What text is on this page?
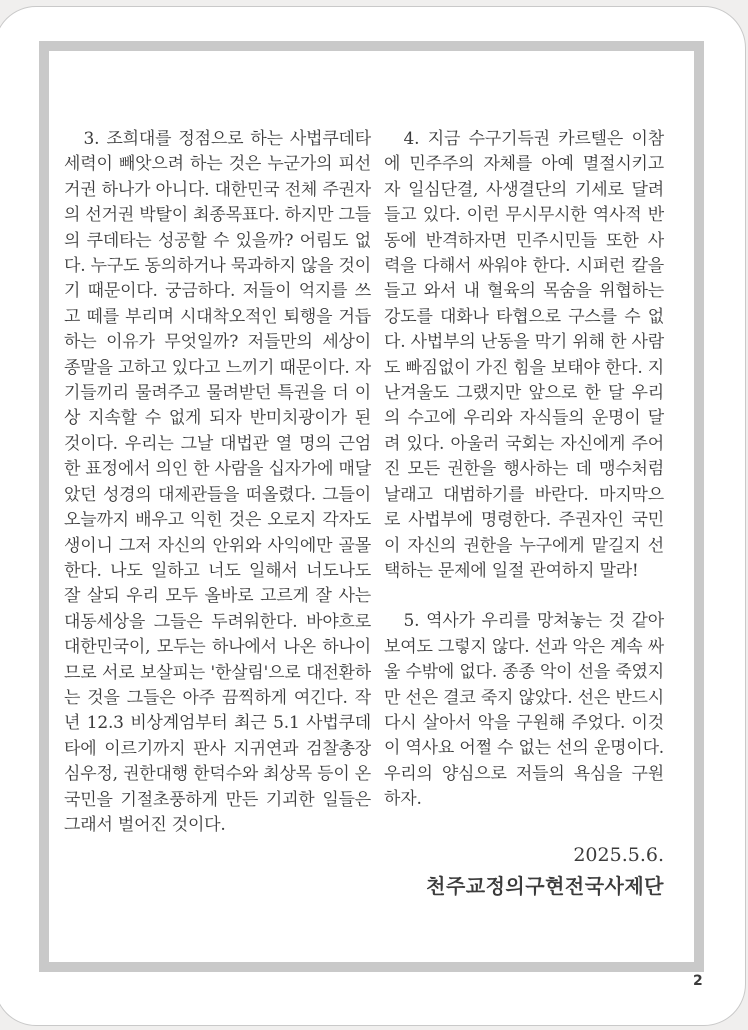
3. 조희대를 정점으로 하는 사법쿠데타 세력이 빼앗으려 하는 것은 누군가의 피선거권 하나가 아니다. 대한민국 전체 주권자의 선거권 박탈이 최종목표다. 하지만 그들의 쿠데타는 성공할 수 있을까? 어림도 없다. 누구도 동의하거나 묵과하지 않을 것이기 때문이다. 궁금하다. 저들이 억지를 쓰고 떼를 부리며 시대착오적인 퇴행을 거듭하는 이유가 무엇일까? 저들만의 세상이 종말을 고하고 있다고 느끼기 때문이다. 자기들끼리 물려주고 물려받던 특권을 더 이상 지속할 수 없게 되자 반미치광이가 된 것이다. 우리는 그날 대법관 열 명의 근엄한 표정에서 의인 한 사람을 십자가에 매달았던 성경의 대제관들을 떠올렸다. 그들이 오늘까지 배우고 익힌 것은 오로지 각자도생이니 그저 자신의 안위와 사익에만 골몰한다. 나도 일하고 너도 일해서 너도나도 잘 살되 우리 모두 올바로 고르게 잘 사는 대동세상을 그들은 두려워한다. 바야흐로 대한민국이, 모두는 하나에서 나온 하나이므로 서로 보살피는 '한살림'으로 대전환하는 것을 그들은 아주 끔찍하게 여긴다. 작년 12.3 비상계엄부터 최근 5.1 사법쿠데타에 이르기까지 판사 지귀연과 검찰총장 심우정, 권한대행 한덕수와 최상목 등이 온 국민을 기절초풍하게 만든 기괴한 일들은 그래서 벌어진 것이다.

4. 지금 수구기득권 카르텔은 이참에 민주주의 자체를 아예 멸절시키고자 일심단결, 사생결단의 기세로 달려들고 있다. 이런 무시무시한 역사적 반동에 반격하자면 민주시민들 또한 사력을 다해서 싸워야 한다. 시퍼런 칼을 들고 와서 내 혈육의 목숨을 위협하는 강도를 대화나 타협으로 구스를 수 없다. 사법부의 난동을 막기 위해 한 사람도 빠짐없이 가진 힘을 보태야 한다. 지난겨울도 그랬지만 앞으로 한 달 우리의 수고에 우리와 자식들의 운명이 달려 있다. 아울러 국회는 자신에게 주어진 모든 권한을 행사하는 데 맹수처럼 날래고 대범하기를 바란다. 마지막으로 사법부에 명령한다. 주권자인 국민이 자신의 권한을 누구에게 맡길지 선택하는 문제에 일절 관여하지 말라!

5. 역사가 우리를 망쳐놓는 것 같아보여도 그렇지 않다. 선과 악은 계속 싸울 수밖에 없다. 종종 악이 선을 죽였지만 선은 결코 죽지 않았다. 선은 반드시 다시 살아서 악을 구원해 주었다. 이것이 역사요 어쩔 수 없는 선의 운명이다. 우리의 양심으로 저들의 욕심을 구원하자.

2025.5.6.
천주교정의구현전국사제단
2
